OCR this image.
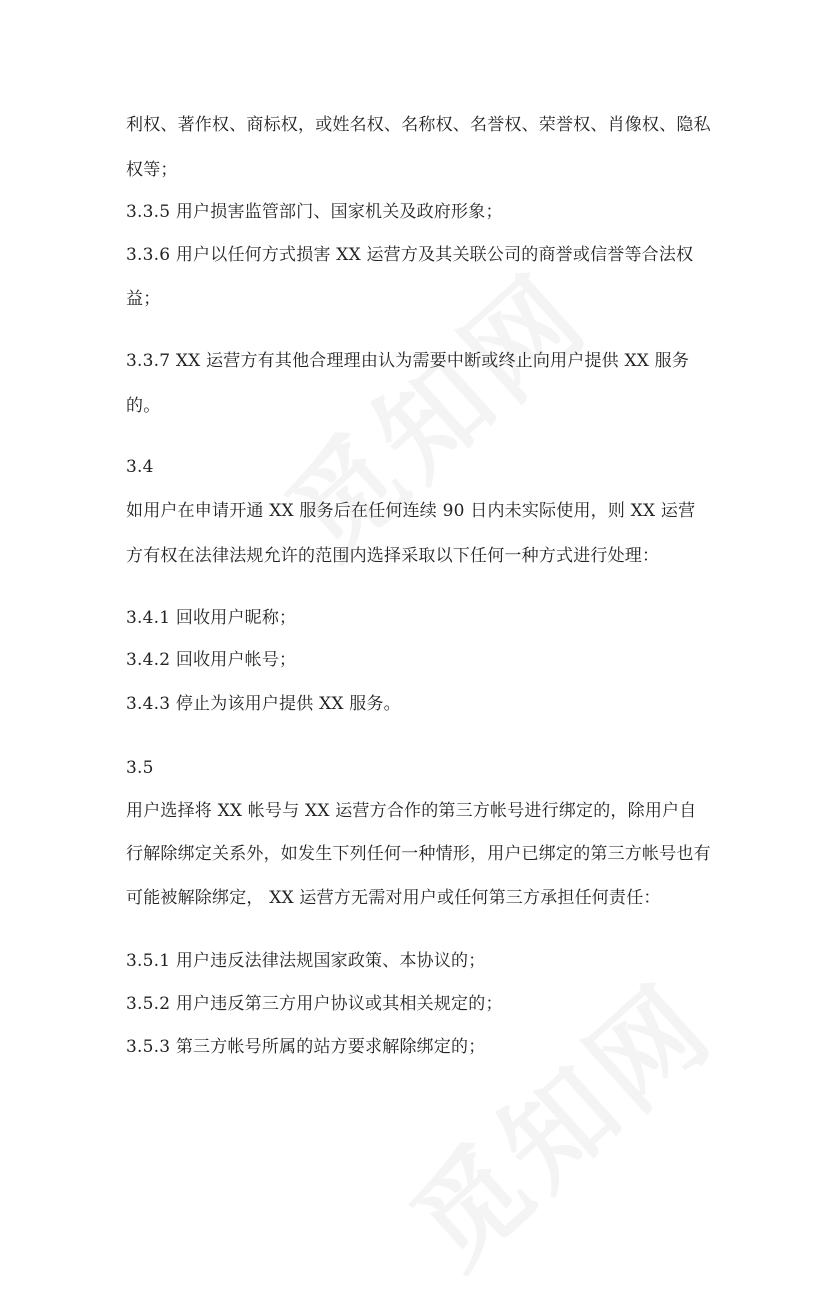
利权、著作权、商标权，或姓名权、名称权、名誉权、荣誉权、肖像权、隐私
权等；
3.3.5 用户损害监管部门、国家机关及政府形象；
3.3.6 用户以任何方式损害 XX 运营方及其关联公司的商誉或信誉等合法权
益；
3.3.7 XX 运营方有其他合理理由认为需要中断或终止向用户提供 XX 服务
的。
3.4
如用户在申请开通 XX 服务后在任何连续 90 日内未实际使用，则 XX 运营
方有权在法律法规允许的范围内选择采取以下任何一种方式进行处理：
3.4.1 回收用户昵称；
3.4.2 回收用户帐号；
3.4.3 停止为该用户提供 XX 服务。
3.5
用户选择将 XX 帐号与 XX 运营方合作的第三方帐号进行绑定的，除用户自
行解除绑定关系外，如发生下列任何一种情形，用户已绑定的第三方帐号也有
可能被解除绑定， XX 运营方无需对用户或任何第三方承担任何责任：
3.5.1 用户违反法律法规国家政策、本协议的；
3.5.2 用户违反第三方用户协议或其相关规定的；
3.5.3 第三方帐号所属的站方要求解除绑定的；
